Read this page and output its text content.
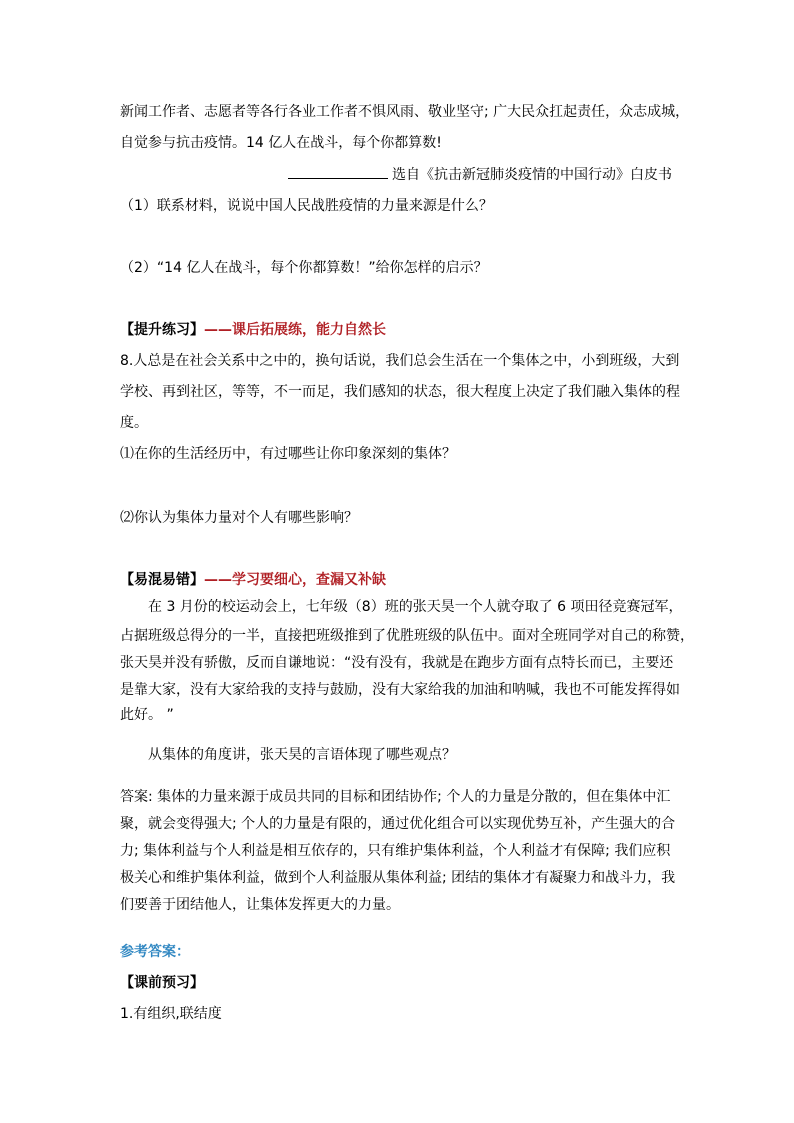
新闻工作者、志愿者等各行各业工作者不惧风雨、敬业坚守; 广大民众扛起责任，众志成城，

自觉参与抗击疫情。14 亿人在战斗，每个你都算数!

选自《抗击新冠肺炎疫情的中国行动》白皮书

（1）联系材料，说说中国人民战胜疫情的力量来源是什么？

（2）“14 亿人在战斗，每个你都算数！”给你怎样的启示？

【提升练习】——课后拓展练，能力自然长

8.人总是在社会关系中之中的，换句话说，我们总会生活在一个集体之中，小到班级，大到

学校、再到社区，等等，不一而足，我们感知的状态，很大程度上决定了我们融入集体的程

度。

⑴在你的生活经历中，有过哪些让你印象深刻的集体？

⑵你认为集体力量对个人有哪些影响？

【易混易错】——学习要细心，查漏又补缺

在 3 月份的校运动会上，七年级（8）班的张天昊一个人就夺取了 6 项田径竞赛冠军，

占据班级总得分的一半，直接把班级推到了优胜班级的队伍中。面对全班同学对自己的称赞，

张天昊并没有骄傲，反而自谦地说：“没有没有，我就是在跑步方面有点特长而已，主要还

是靠大家，没有大家给我的支持与鼓励，没有大家给我的加油和呐喊，我也不可能发挥得如

此好。 ”

从集体的角度讲，张天昊的言语体现了哪些观点？

答案: 集体的力量来源于成员共同的目标和团结协作; 个人的力量是分散的，但在集体中汇

聚，就会变得强大; 个人的力量是有限的，通过优化组合可以实现优势互补，产生强大的合

力; 集体利益与个人利益是相互依存的，只有维护集体利益，个人利益才有保障; 我们应积

极关心和维护集体利益，做到个人利益服从集体利益; 团结的集体才有凝聚力和战斗力，我

们要善于团结他人，让集体发挥更大的力量。

参考答案：

【课前预习】

1.有组织,联结度
